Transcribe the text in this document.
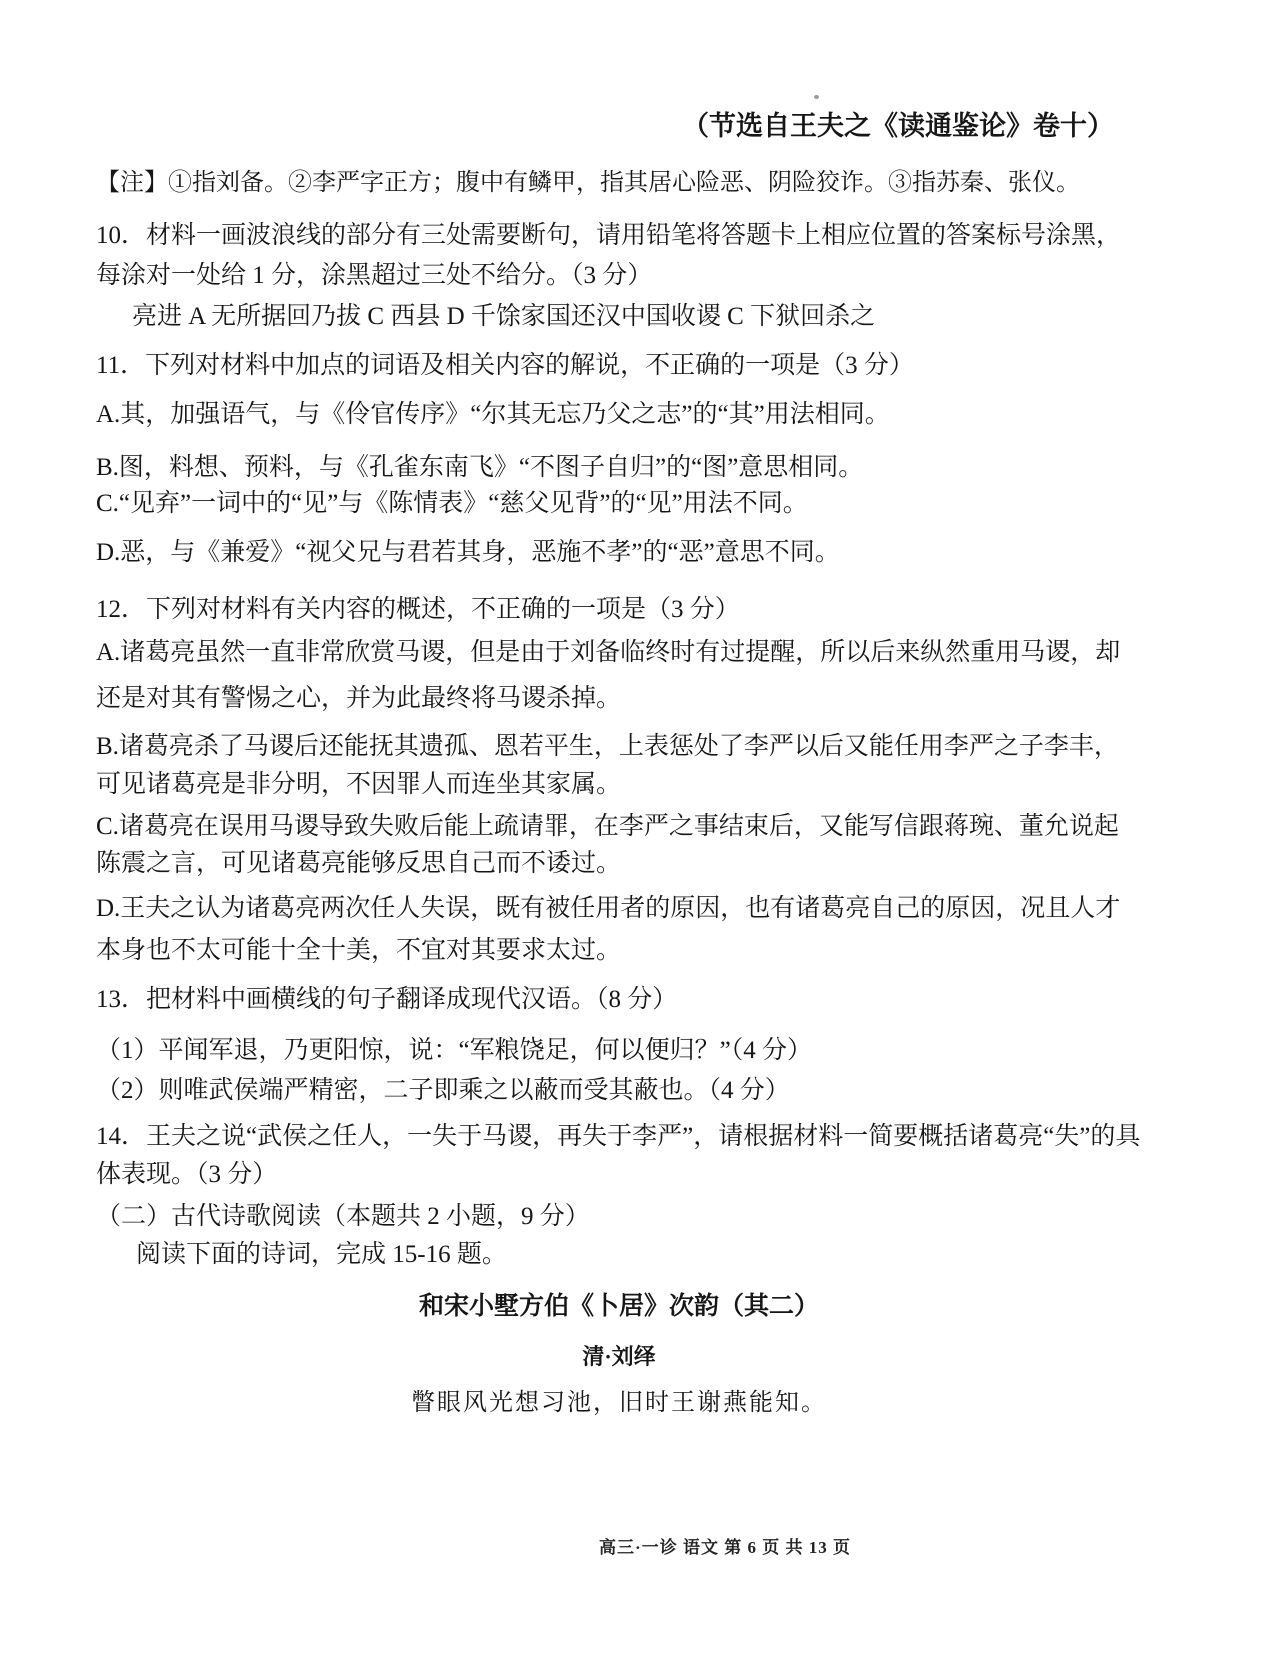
（节选自王夫之《读通鉴论》卷十）

【注】①指刘备。②李严字正方；腹中有鳞甲，指其居心险恶、阴险狡诈。③指苏秦、张仪。

10．材料一画波浪线的部分有三处需要断句，请用铅笔将答题卡上相应位置的答案标号涂黑，每涂对一处给 1 分，涂黑超过三处不给分。（3 分）

亮进 A 无所据回乃拔 C 西县 D 千馀家国还汉中国收谡 C 下狱回杀之

11．下列对材料中加点的词语及相关内容的解说，不正确的一项是（3 分）

A.其，加强语气，与《伶官传序》“尔其无忘乃父之志”的“其”用法相同。

B.图，料想、预料，与《孔雀东南飞》“不图子自归”的“图”意思相同。

C.“见弃”一词中的“见”与《陈情表》“慈父见背”的“见”用法不同。

D.恶，与《兼爱》“视父兄与君若其身，恶施不孝”的“恶”意思不同。

12．下列对材料有关内容的概述，不正确的一项是（3 分）

A.诸葛亮虽然一直非常欣赏马谡，但是由于刘备临终时有过提醒，所以后来纵然重用马谡，却还是对其有警惕之心，并为此最终将马谡杀掉。

B.诸葛亮杀了马谡后还能抚其遗孤、恩若平生，上表惩处了李严以后又能任用李严之子李丰，可见诸葛亮是非分明，不因罪人而连坐其家属。

C.诸葛亮在误用马谡导致失败后能上疏请罪，在李严之事结束后，又能写信跟蒋琬、董允说起陈震之言，可见诸葛亮能够反思自己而不诿过。

D.王夫之认为诸葛亮两次任人失误，既有被任用者的原因，也有诸葛亮自己的原因，况且人才本身也不太可能十全十美，不宜对其要求太过。

13．把材料中画横线的句子翻译成现代汉语。（8 分）

（1）平闻军退，乃更阳惊，说：“军粮饶足，何以便归？”（4 分）

（2）则唯武侯端严精密，二子即乘之以蔽而受其蔽也。（4 分）

14．王夫之说“武侯之任人，一失于马谡，再失于李严”，请根据材料一简要概括诸葛亮“失”的具体表现。（3 分）

（二）古代诗歌阅读（本题共 2 小题，9 分）

阅读下面的诗词，完成 15-16 题。

和宋小墅方伯《卜居》次韵（其二）

清·刘绎

瞥眼风光想习池，旧时王谢燕能知。

高三·一诊 语文 第 6 页 共 13 页
